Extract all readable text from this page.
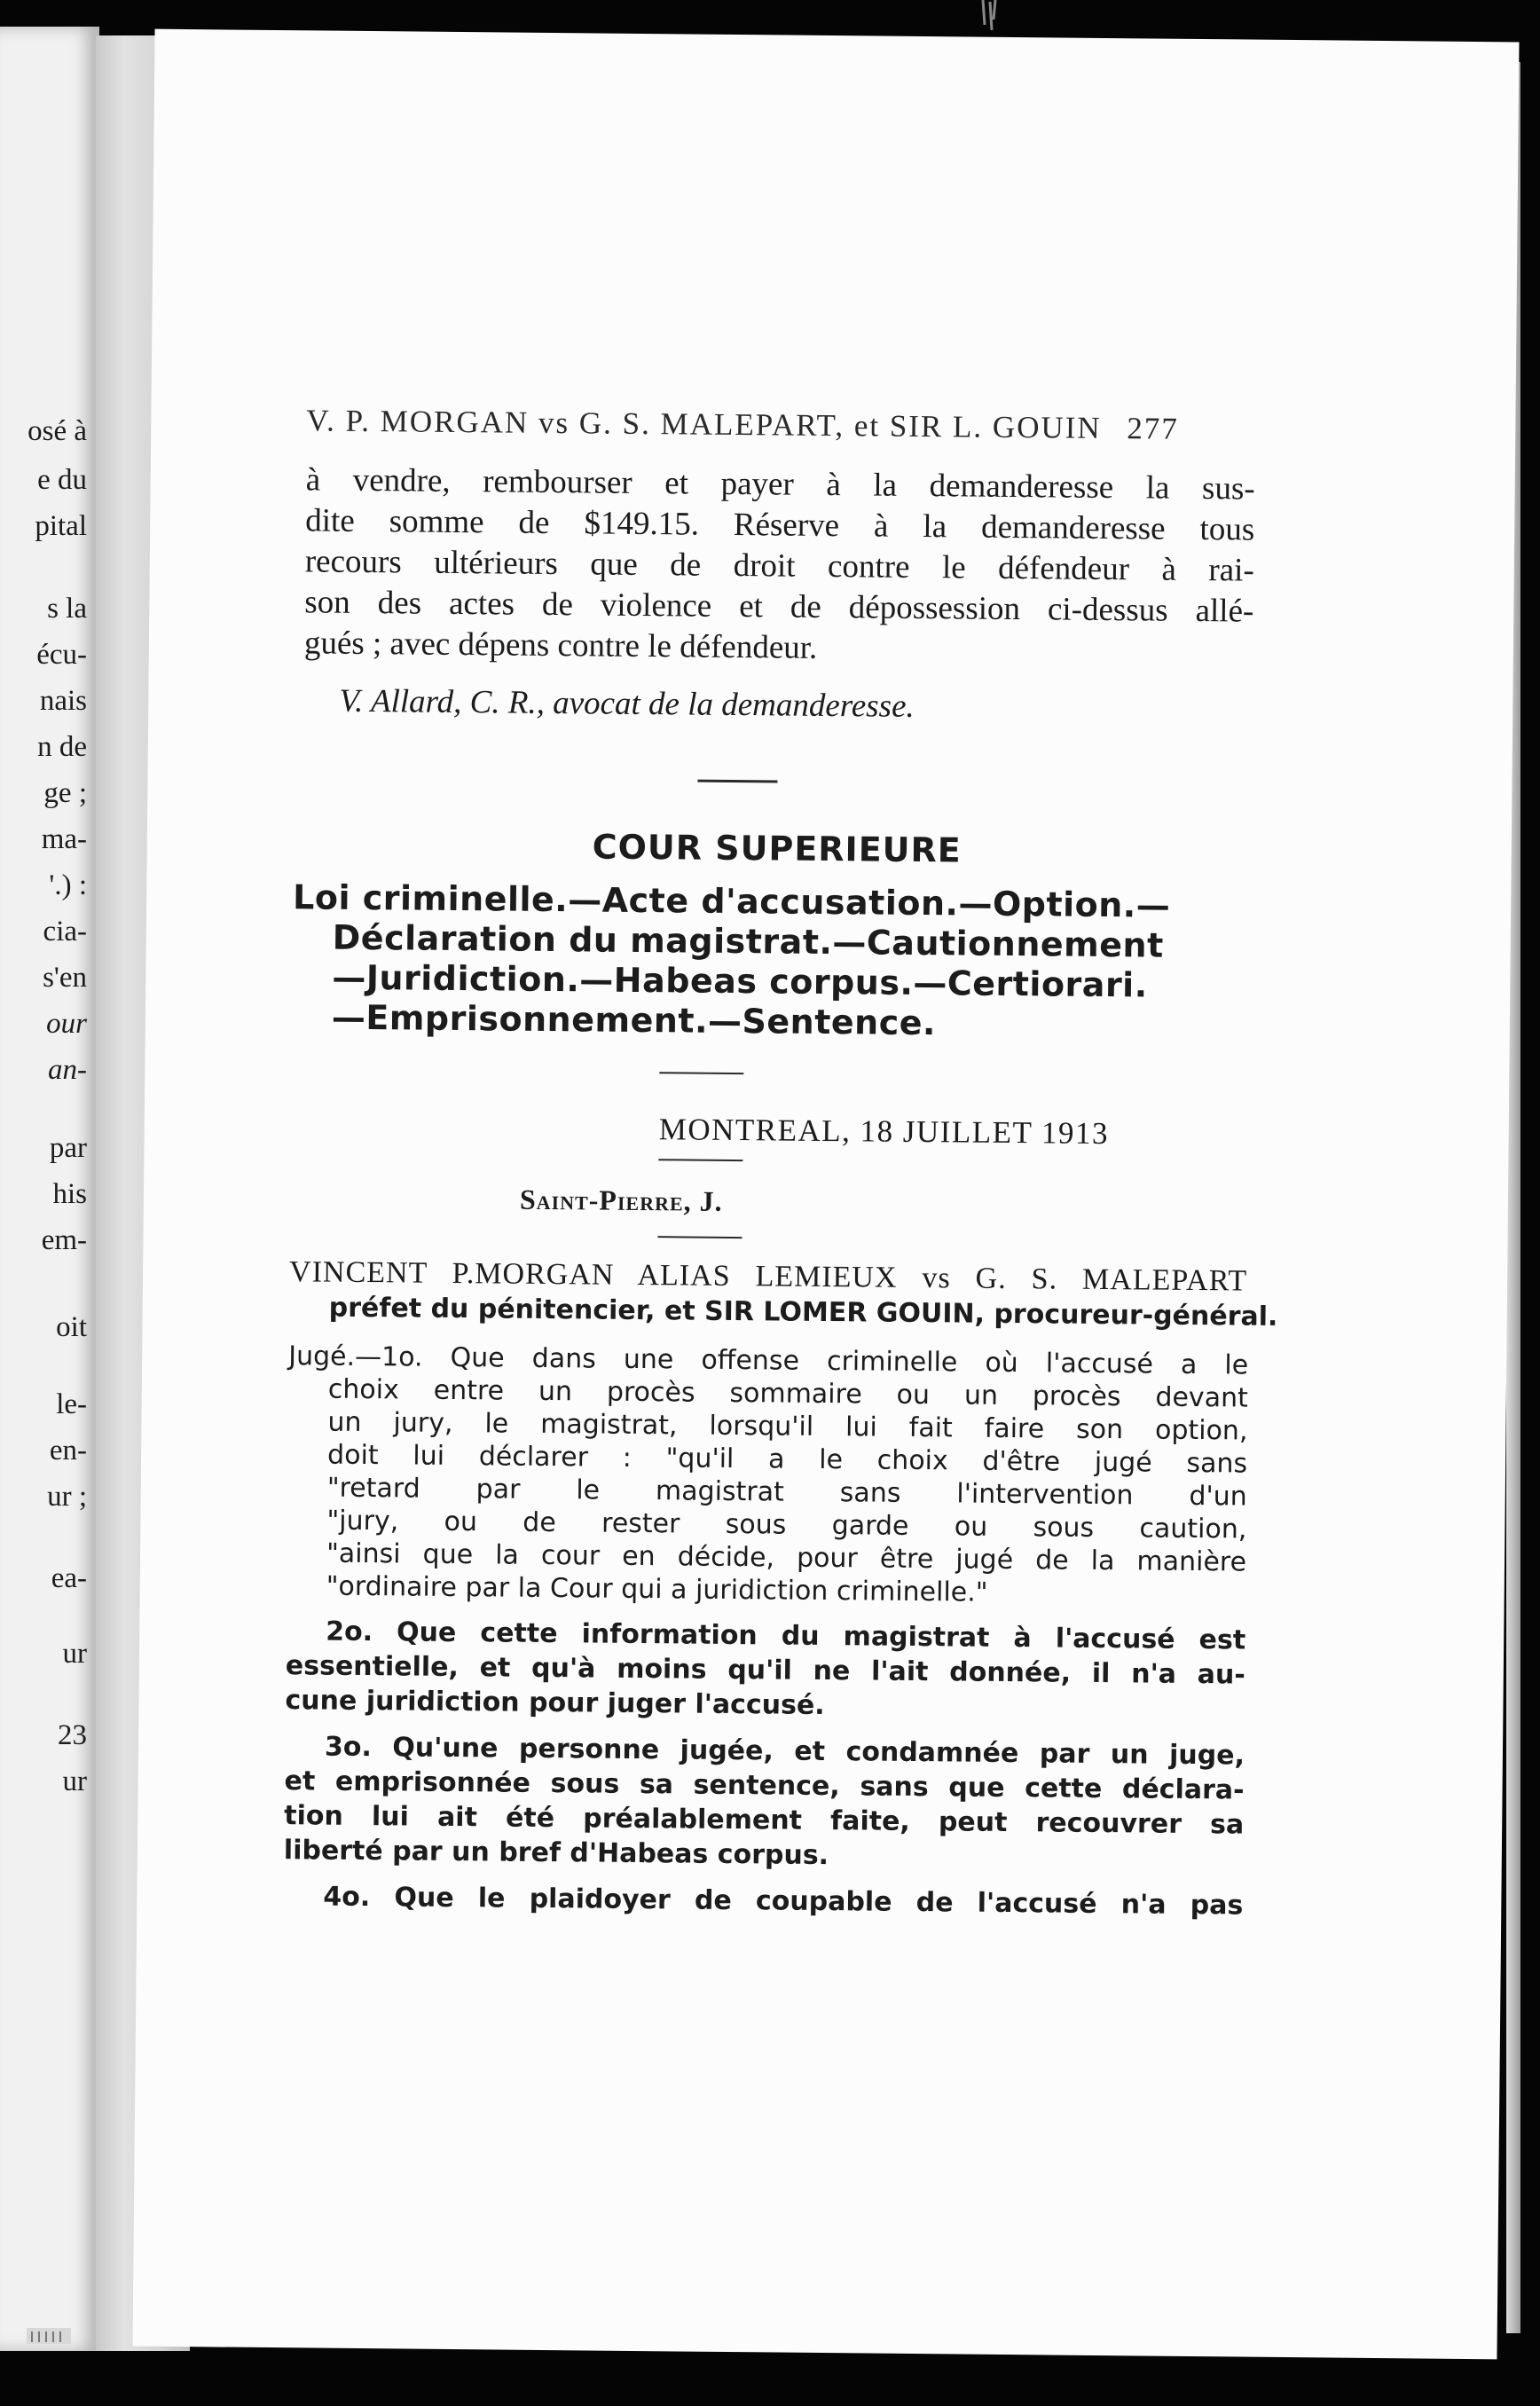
osé à
e du
pital
s la
écu-
nais
n de
ge ;
ma-
'.) :
cia-
s'en
our
an-
par
his
em-
oit
le-
en-
ur ;
ea-
ur
23
ur
V. P. MORGAN vs G. S. MALEPART, et SIR L. GOUIN 277
à vendre, rembourser et payer à la demanderesse la sus-
dite somme de $149.15. Réserve à la demanderesse tous
recours ultérieurs que de droit contre le défendeur à rai-
son des actes de violence et de dépossession ci-dessus allé-
gués ; avec dépens contre le défendeur.
V. Allard, C. R., avocat de la demanderesse.
COUR SUPERIEURE
Loi criminelle.—Acte d'accusation.—Option.—
Déclaration du magistrat.—Cautionnement
—Juridiction.—Habeas corpus.—Certiorari.
—Emprisonnement.—Sentence.
MONTREAL, 18 JUILLET 1913
Saint-Pierre, J.
VINCENT P.MORGAN ALIAS LEMIEUX vs G. S. MALEPART
préfet du pénitencier, et SIR LOMER GOUIN, procureur-général.
Jugé.—1o. Que dans une offense criminelle où l'accusé a le
choix entre un procès sommaire ou un procès devant
un jury, le magistrat, lorsqu'il lui fait faire son option,
doit lui déclarer : "qu'il a le choix d'être jugé sans
"retard par le magistrat sans l'intervention d'un
"jury, ou de rester sous garde ou sous caution,
"ainsi que la cour en décide, pour être jugé de la manière
"ordinaire par la Cour qui a juridiction criminelle."
2o. Que cette information du magistrat à l'accusé est
essentielle, et qu'à moins qu'il ne l'ait donnée, il n'a au-
cune juridiction pour juger l'accusé.
3o. Qu'une personne jugée, et condamnée par un juge,
et emprisonnée sous sa sentence, sans que cette déclara-
tion lui ait été préalablement faite, peut recouvrer sa
liberté par un bref d'Habeas corpus.
4o. Que le plaidoyer de coupable de l'accusé n'a pas
